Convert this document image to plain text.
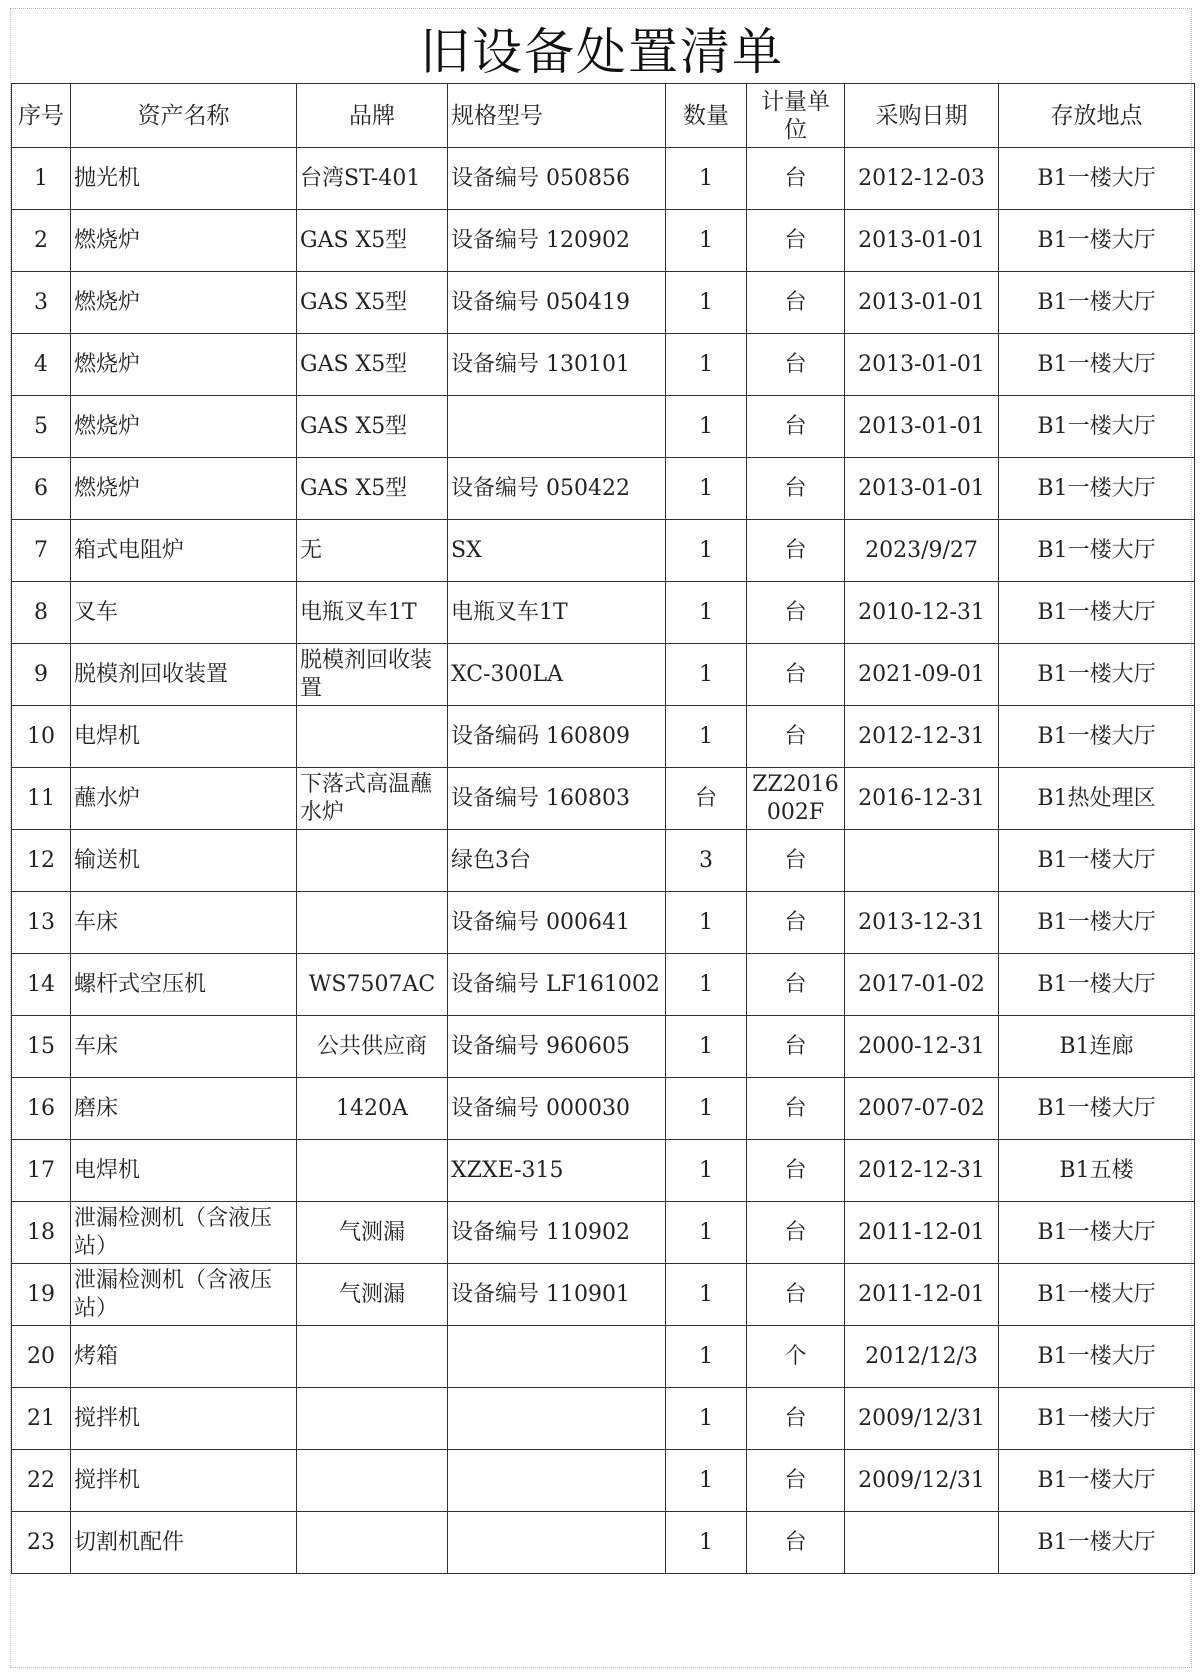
旧设备处置清单
序号	资产名称	品牌	规格型号	数量	计量单位	采购日期	存放地点
1	抛光机	台湾ST-401	设备编号 050856	1	台	2012-12-03	B1一楼大厅
2	燃烧炉	GAS X5型	设备编号 120902	1	台	2013-01-01	B1一楼大厅
3	燃烧炉	GAS X5型	设备编号 050419	1	台	2013-01-01	B1一楼大厅
4	燃烧炉	GAS X5型	设备编号 130101	1	台	2013-01-01	B1一楼大厅
5	燃烧炉	GAS X5型		1	台	2013-01-01	B1一楼大厅
6	燃烧炉	GAS X5型	设备编号 050422	1	台	2013-01-01	B1一楼大厅
7	箱式电阻炉	无	SX	1	台	2023/9/27	B1一楼大厅
8	叉车	电瓶叉车1T	电瓶叉车1T	1	台	2010-12-31	B1一楼大厅
9	脱模剂回收装置	脱模剂回收装置	XC-300LA	1	台	2021-09-01	B1一楼大厅
10	电焊机		设备编码 160809	1	台	2012-12-31	B1一楼大厅
11	蘸水炉	下落式高温蘸水炉	设备编号 160803	台	ZZ2016002F	2016-12-31	B1热处理区
12	输送机		绿色3台	3	台		B1一楼大厅
13	车床		设备编号 000641	1	台	2013-12-31	B1一楼大厅
14	螺杆式空压机	WS7507AC	设备编号 LF161002	1	台	2017-01-02	B1一楼大厅
15	车床	公共供应商	设备编号 960605	1	台	2000-12-31	B1连廊
16	磨床	1420A	设备编号 000030	1	台	2007-07-02	B1一楼大厅
17	电焊机		XZXE-315	1	台	2012-12-31	B1五楼
18	泄漏检测机（含液压站）	气测漏	设备编号 110902	1	台	2011-12-01	B1一楼大厅
19	泄漏检测机（含液压站）	气测漏	设备编号 110901	1	台	2011-12-01	B1一楼大厅
20	烤箱			1	个	2012/12/3	B1一楼大厅
21	搅拌机			1	台	2009/12/31	B1一楼大厅
22	搅拌机			1	台	2009/12/31	B1一楼大厅
23	切割机配件			1	台		B1一楼大厅
